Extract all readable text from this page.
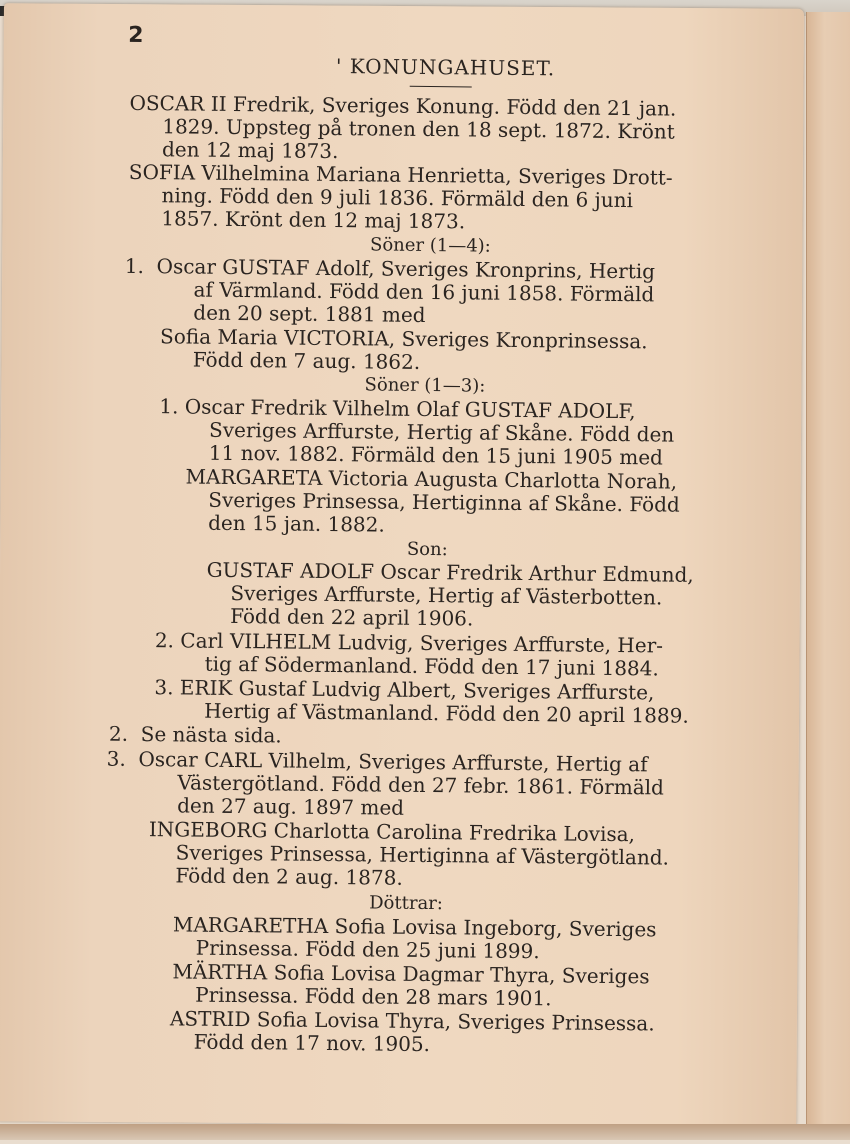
2
' KONUNGAHUSET.
OSCAR II Fredrik, Sveriges Konung. Född den 21 jan.
1829. Uppsteg på tronen den 18 sept. 1872. Krönt
den 12 maj 1873.
SOFIA Vilhelmina Mariana Henrietta, Sveriges Drott-
ning. Född den 9 juli 1836. Förmäld den 6 juni
1857. Krönt den 12 maj 1873.
Söner (1—4):
1.  Oscar GUSTAF Adolf, Sveriges Kronprins, Hertig
af Värmland. Född den 16 juni 1858. Förmäld
den 20 sept. 1881 med
Sofia Maria VICTORIA, Sveriges Kronprinsessa.
Född den 7 aug. 1862.
Söner (1—3):
1. Oscar Fredrik Vilhelm Olaf GUSTAF ADOLF,
Sveriges Arffurste, Hertig af Skåne. Född den
11 nov. 1882. Förmäld den 15 juni 1905 med
MARGARETA Victoria Augusta Charlotta Norah,
Sveriges Prinsessa, Hertiginna af Skåne. Född
den 15 jan. 1882.
Son:
GUSTAF ADOLF Oscar Fredrik Arthur Edmund,
Sveriges Arffurste, Hertig af Västerbotten.
Född den 22 april 1906.
2. Carl VILHELM Ludvig, Sveriges Arffurste, Her-
tig af Södermanland. Född den 17 juni 1884.
3. ERIK Gustaf Ludvig Albert, Sveriges Arffurste,
Hertig af Västmanland. Född den 20 april 1889.
2.  Se nästa sida.
3.  Oscar CARL Vilhelm, Sveriges Arffurste, Hertig af
Västergötland. Född den 27 febr. 1861. Förmäld
den 27 aug. 1897 med
INGEBORG Charlotta Carolina Fredrika Lovisa,
Sveriges Prinsessa, Hertiginna af Västergötland.
Född den 2 aug. 1878.
Döttrar:
MARGARETHA Sofia Lovisa Ingeborg, Sveriges
Prinsessa. Född den 25 juni 1899.
MÄRTHA Sofia Lovisa Dagmar Thyra, Sveriges
Prinsessa. Född den 28 mars 1901.
ASTRID Sofia Lovisa Thyra, Sveriges Prinsessa.
Född den 17 nov. 1905.
